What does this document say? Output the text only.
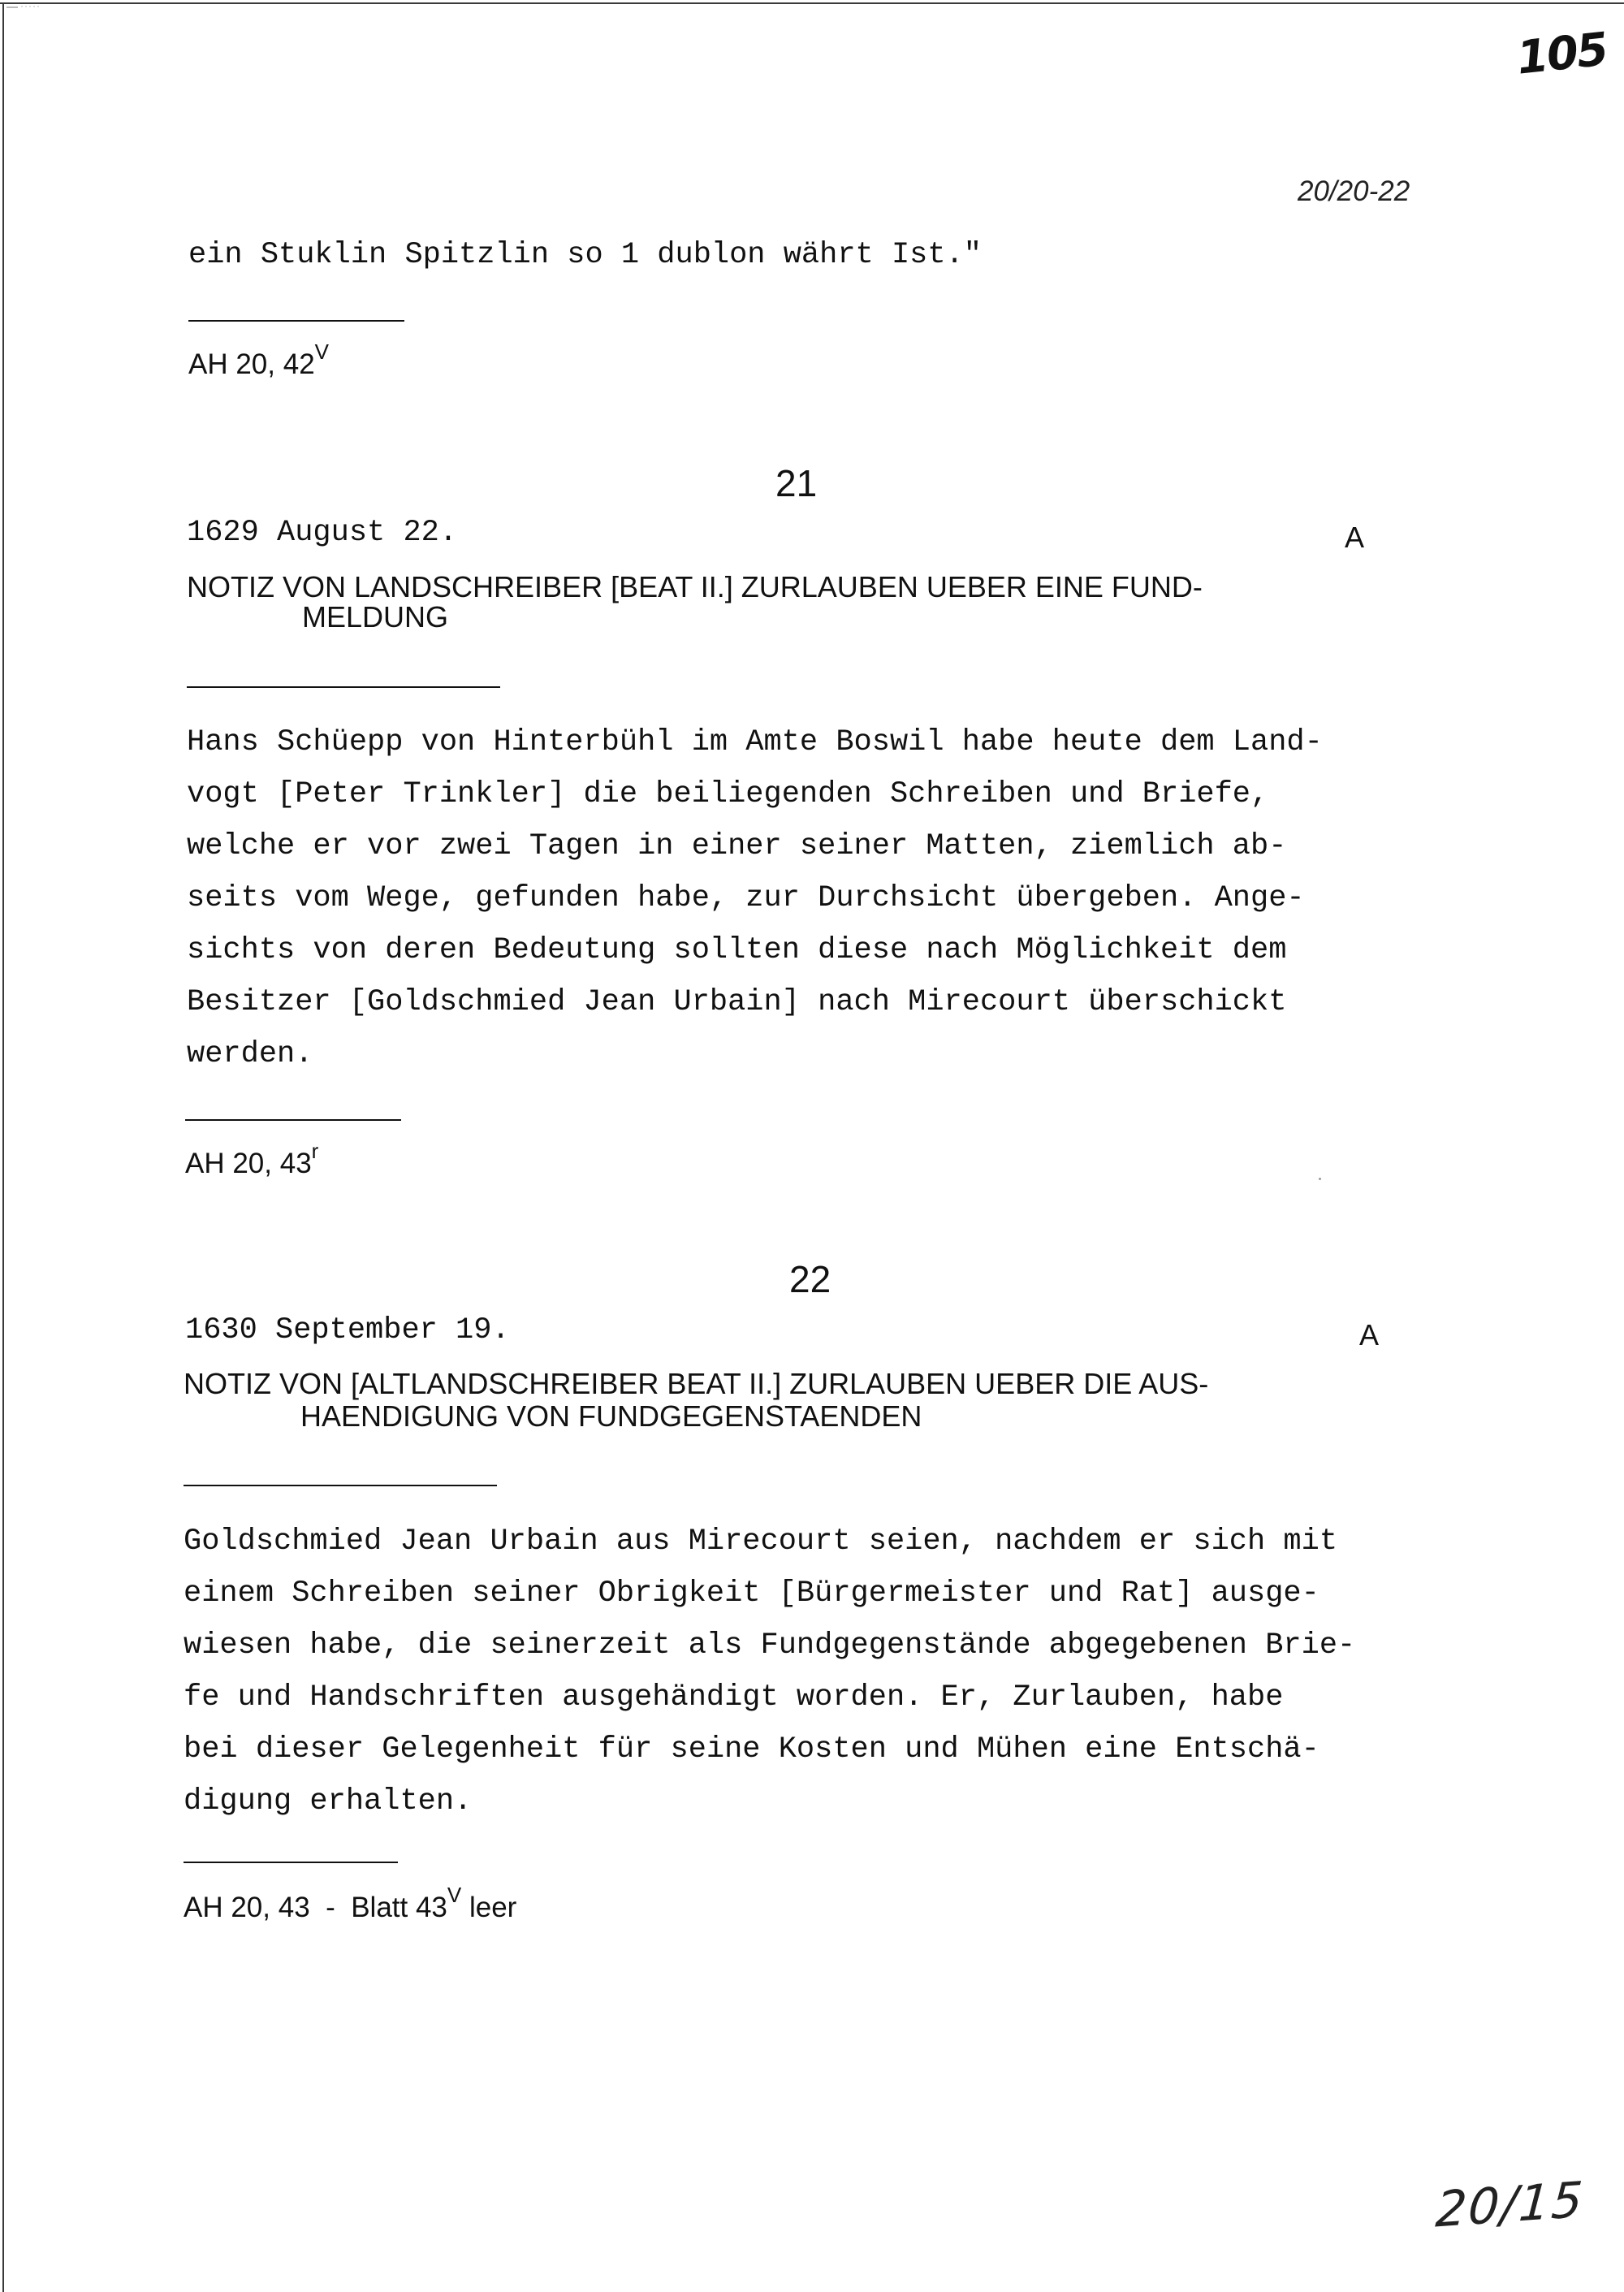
105
20/20-22
ein Stuklin Spitzlin so 1 dublon währt Ist."
AH 20, $42^V$
21
1629 August 22.	A
NOTIZ VON LANDSCHREIBER [BEAT II.] ZURLAUBEN UEBER EINE FUND-
MELDUNG
Hans Schüepp von Hinterbühl im Amte Boswil habe heute dem Land-
vogt [Peter Trinkler] die beiliegenden Schreiben und Briefe,
welche er vor zwei Tagen in einer seiner Matten, ziemlich ab-
seits vom Wege, gefunden habe, zur Durchsicht übergeben. Ange-
sichts von deren Bedeutung sollten diese nach Möglichkeit dem
Besitzer [Goldschmied Jean Urbain] nach Mirecourt überschickt
werden.
AH 20, 43$^r$
22
1630 September 19.	A
NOTIZ VON [ALTLANDSCHREIBER BEAT II.] ZURLAUBEN UEBER DIE AUS-
HAENDIGUNG VON FUNDGEGENSTAENDEN
Goldschmied Jean Urbain aus Mirecourt seien, nachdem er sich mit
einem Schreiben seiner Obrigkeit [Bürgermeister und Rat] ausge-
wiesen habe, die seinerzeit als Fundgegenstände abgegebenen Brie-
fe und Handschriften ausgehändigt worden. Er, Zurlauben, habe
bei dieser Gelegenheit für seine Kosten und Mühen eine Entschä-
digung erhalten.
AH 20, 43  -  Blatt $43^V$ leer
20/15
